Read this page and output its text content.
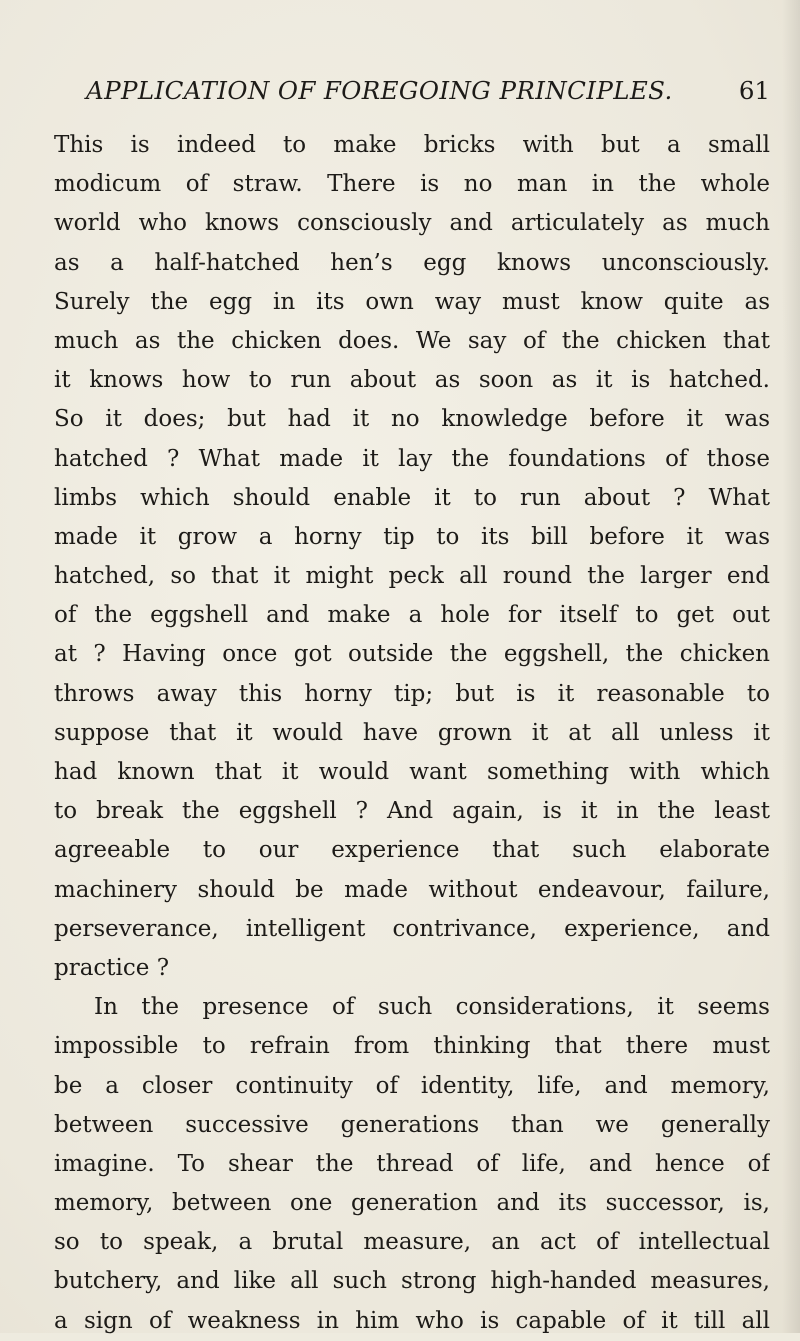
APPLICATION OF FOREGOING PRINCIPLES.	61
This is indeed to make bricks with but a small
modicum of straw. There is no man in the whole
world who knows consciously and articulately as much
as a half-hatched hen’s egg knows unconsciously.
Surely the egg in its own way must know quite as
much as the chicken does. We say of the chicken that
it knows how to run about as soon as it is hatched.
So it does; but had it no knowledge before it was
hatched ? What made it lay the foundations of those
limbs which should enable it to run about ? What
made it grow a horny tip to its bill before it was
hatched, so that it might peck all round the larger end
of the eggshell and make a hole for itself to get out
at ? Having once got outside the eggshell, the chicken
throws away this horny tip; but is it reasonable to
suppose that it would have grown it at all unless it
had known that it would want something with which
to break the eggshell ? And again, is it in the least
agreeable to our experience that such elaborate
machinery should be made without endeavour, failure,
perseverance, intelligent contrivance, experience, and
practice ?
In the presence of such considerations, it seems
impossible to refrain from thinking that there must
be a closer continuity of identity, life, and memory,
between successive generations than we generally
imagine. To shear the thread of life, and hence of
memory, between one generation and its successor, is,
so to speak, a brutal measure, an act of intellectual
butchery, and like all such strong high-handed measures,
a sign of weakness in him who is capable of it till all
